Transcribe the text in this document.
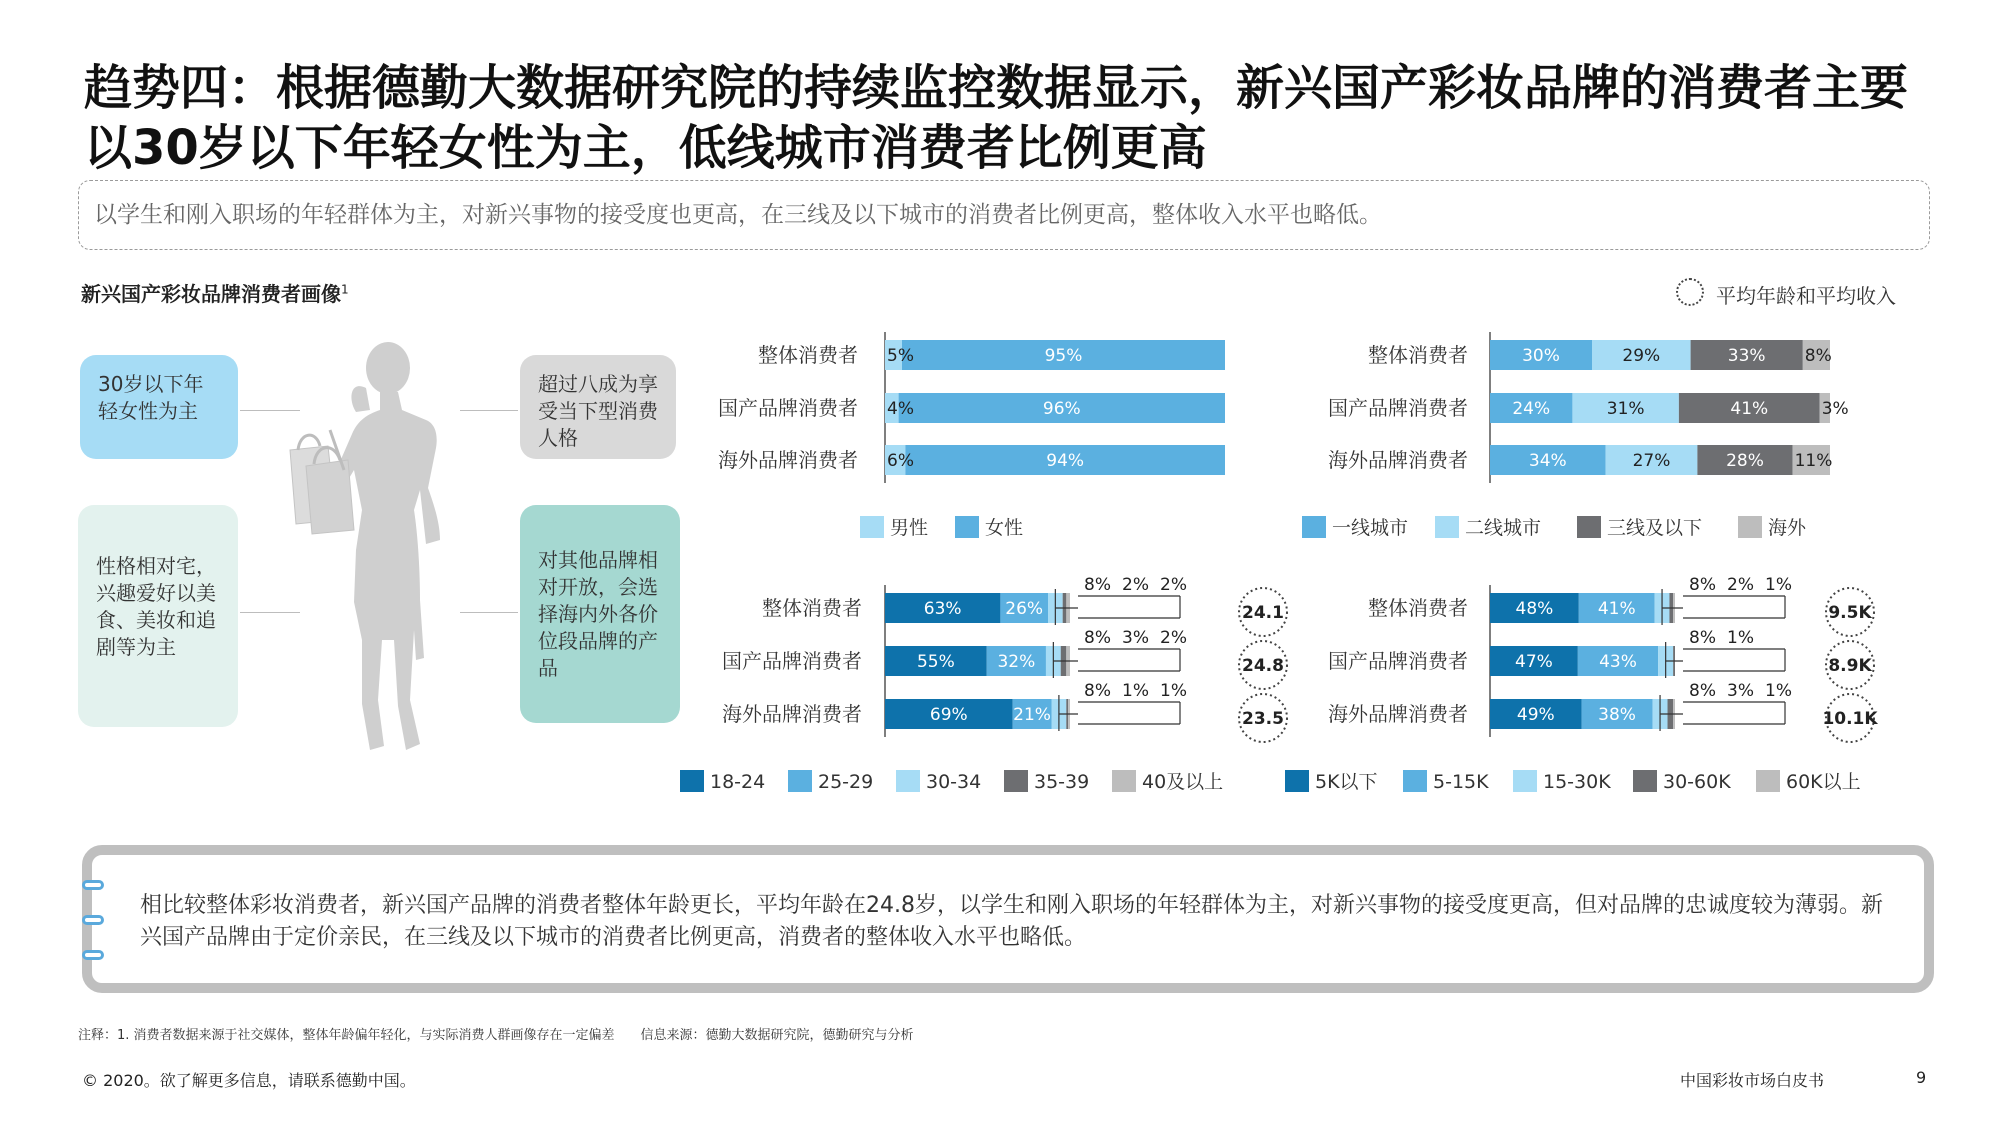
趋势四：根据德勤大数据研究院的持续监控数据显示，新兴国产彩妆品牌的消费者主要以30岁以下年轻女性为主，低线城市消费者比例更高
以学生和刚入职场的年轻群体为主，对新兴事物的接受度也更高，在三线及以下城市的消费者比例更高，整体收入水平也略低。
新兴国产彩妆品牌消费者画像$^1$	平均年龄和平均收入
30岁以下年轻女性为主
超过八成为享受当下型消费人格
性格相对宅，兴趣爱好以美食、美妆和追剧等为主
对其他品牌相对开放，会选择海内外各价位段品牌的产品
整体消费者 5%	95%
国产品牌消费者 4%	96%
海外品牌消费者 6%	94%
男性	女性
整体消费者	30%	29%	33% 8%
国产品牌消费者	24%	31%	41%	3%
海外品牌消费者	34%	27%	28% 11%
一线城市	二线城市	三线及以下	海外
整体消费者	63%	26%
8% 2% 2%
24.1
国产品牌消费者	55%	32%
8% 3% 2%
24.8
海外品牌消费者	69%	21%
8% 1% 1%
23.5
18-24	25-29	30-34	35-39	40及以上
整体消费者	48%	41%
8% 2% 1%
9.5K
国产品牌消费者	47%	43%
8% 1%
8.9K
海外品牌消费者	49%	38%
8% 3% 1%
10.1K
5K以下	5-15K	15-30K	30-60K	60K以上
相比较整体彩妆消费者，新兴国产品牌的消费者整体年龄更长，平均年龄在24.8岁，以学生和刚入职场的年轻群体为主，对新兴事物的接受度更高，但对品牌的忠诚度较为薄弱。新兴国产品牌由于定价亲民，在三线及以下城市的消费者比例更高，消费者的整体收入水平也略低。
注释：1. 消费者数据来源于社交媒体，整体年龄偏年轻化，与实际消费人群画像存在一定偏差　　信息来源：德勤大数据研究院，德勤研究与分析
© 2020。欲了解更多信息，请联系德勤中国。	中国彩妆市场白皮书	9
